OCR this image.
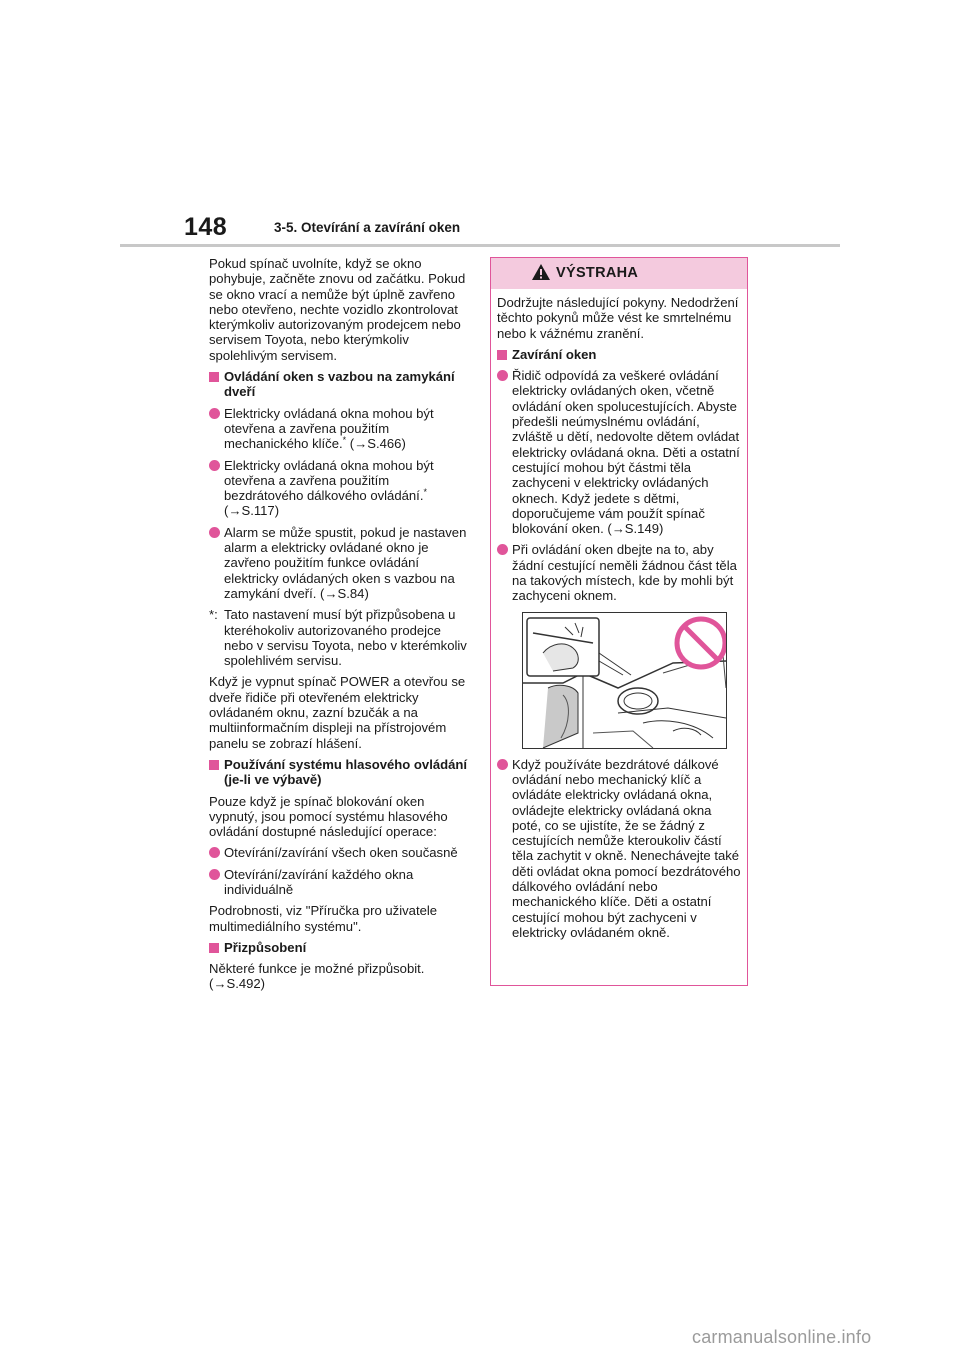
148	3-5. Otevírání a zavírání oken

Pokud spínač uvolníte, když se okno pohybuje, začněte znovu od začátku. Pokud se okno vrací a nemůže být úplně zavřeno nebo otevřeno, nechte vozidlo zkontrolovat kterýmkoliv autorizovaným prodejcem nebo servisem Toyota, nebo kterýmkoliv spolehlivým servisem.

Ovládání oken s vazbou na zamykání dveří
Elektricky ovládaná okna mohou být otevřena a zavřena použitím mechanického klíče.* (→S.466)
Elektricky ovládaná okna mohou být otevřena a zavřena použitím bezdrátového dálkového ovládání.* (→S.117)
Alarm se může spustit, pokud je nastaven alarm a elektricky ovládané okno je zavřeno použitím funkce ovládání elektricky ovládaných oken s vazbou na zamykání dveří. (→S.84)
*: Tato nastavení musí být přizpůsobena u kteréhokoliv autorizovaného prodejce nebo v servisu Toyota, nebo v kterémkoliv spolehlivém servisu.

Když je vypnut spínač POWER a otevřou se dveře řidiče při otevřeném elektricky ovládaném oknu, zazní bzučák a na multiinformačním displeji na přístrojovém panelu se zobrazí hlášení.

Používání systému hlasového ovládání (je-li ve výbavě)

Pouze když je spínač blokování oken vypnutý, jsou pomocí systému hlasového ovládání dostupné následující operace:

Otevírání/zavírání všech oken současně
Otevírání/zavírání každého okna individuálně

Podrobnosti, viz "Příručka pro uživatele multimediálního systému".

Přizpůsobení

Některé funkce je možné přizpůsobit. (→S.492)

VÝSTRAHA

Dodržujte následující pokyny. Nedodržení těchto pokynů může vést ke smrtelnému nebo k vážnému zranění.

Zavírání oken
Řidič odpovídá za veškeré ovládání elektricky ovládaných oken, včetně ovládání oken spolucestujících. Abyste předešli neúmyslnému ovládání, zvláště u dětí, nedovolte dětem ovládat elektricky ovládaná okna. Děti a ostatní cestující mohou být částmi těla zachyceni v elektricky ovládaných oknech. Když jedete s dětmi, doporučujeme vám použít spínač blokování oken. (→S.149)
Při ovládání oken dbejte na to, aby žádní cestující neměli žádnou část těla na takových místech, kde by mohli být zachyceni oknem.
Když používáte bezdrátové dálkové ovládání nebo mechanický klíč a ovládáte elektricky ovládaná okna, ovládejte elektricky ovládaná okna poté, co se ujistíte, že se žádný z cestujících nemůže kteroukoliv částí těla zachytit v okně. Nenechávejte také děti ovládat okna pomocí bezdrátového dálkového ovládání nebo mechanického klíče. Děti a ostatní cestující mohou být zachyceni v elektricky ovládaném okně.
carmanualsonline.info
